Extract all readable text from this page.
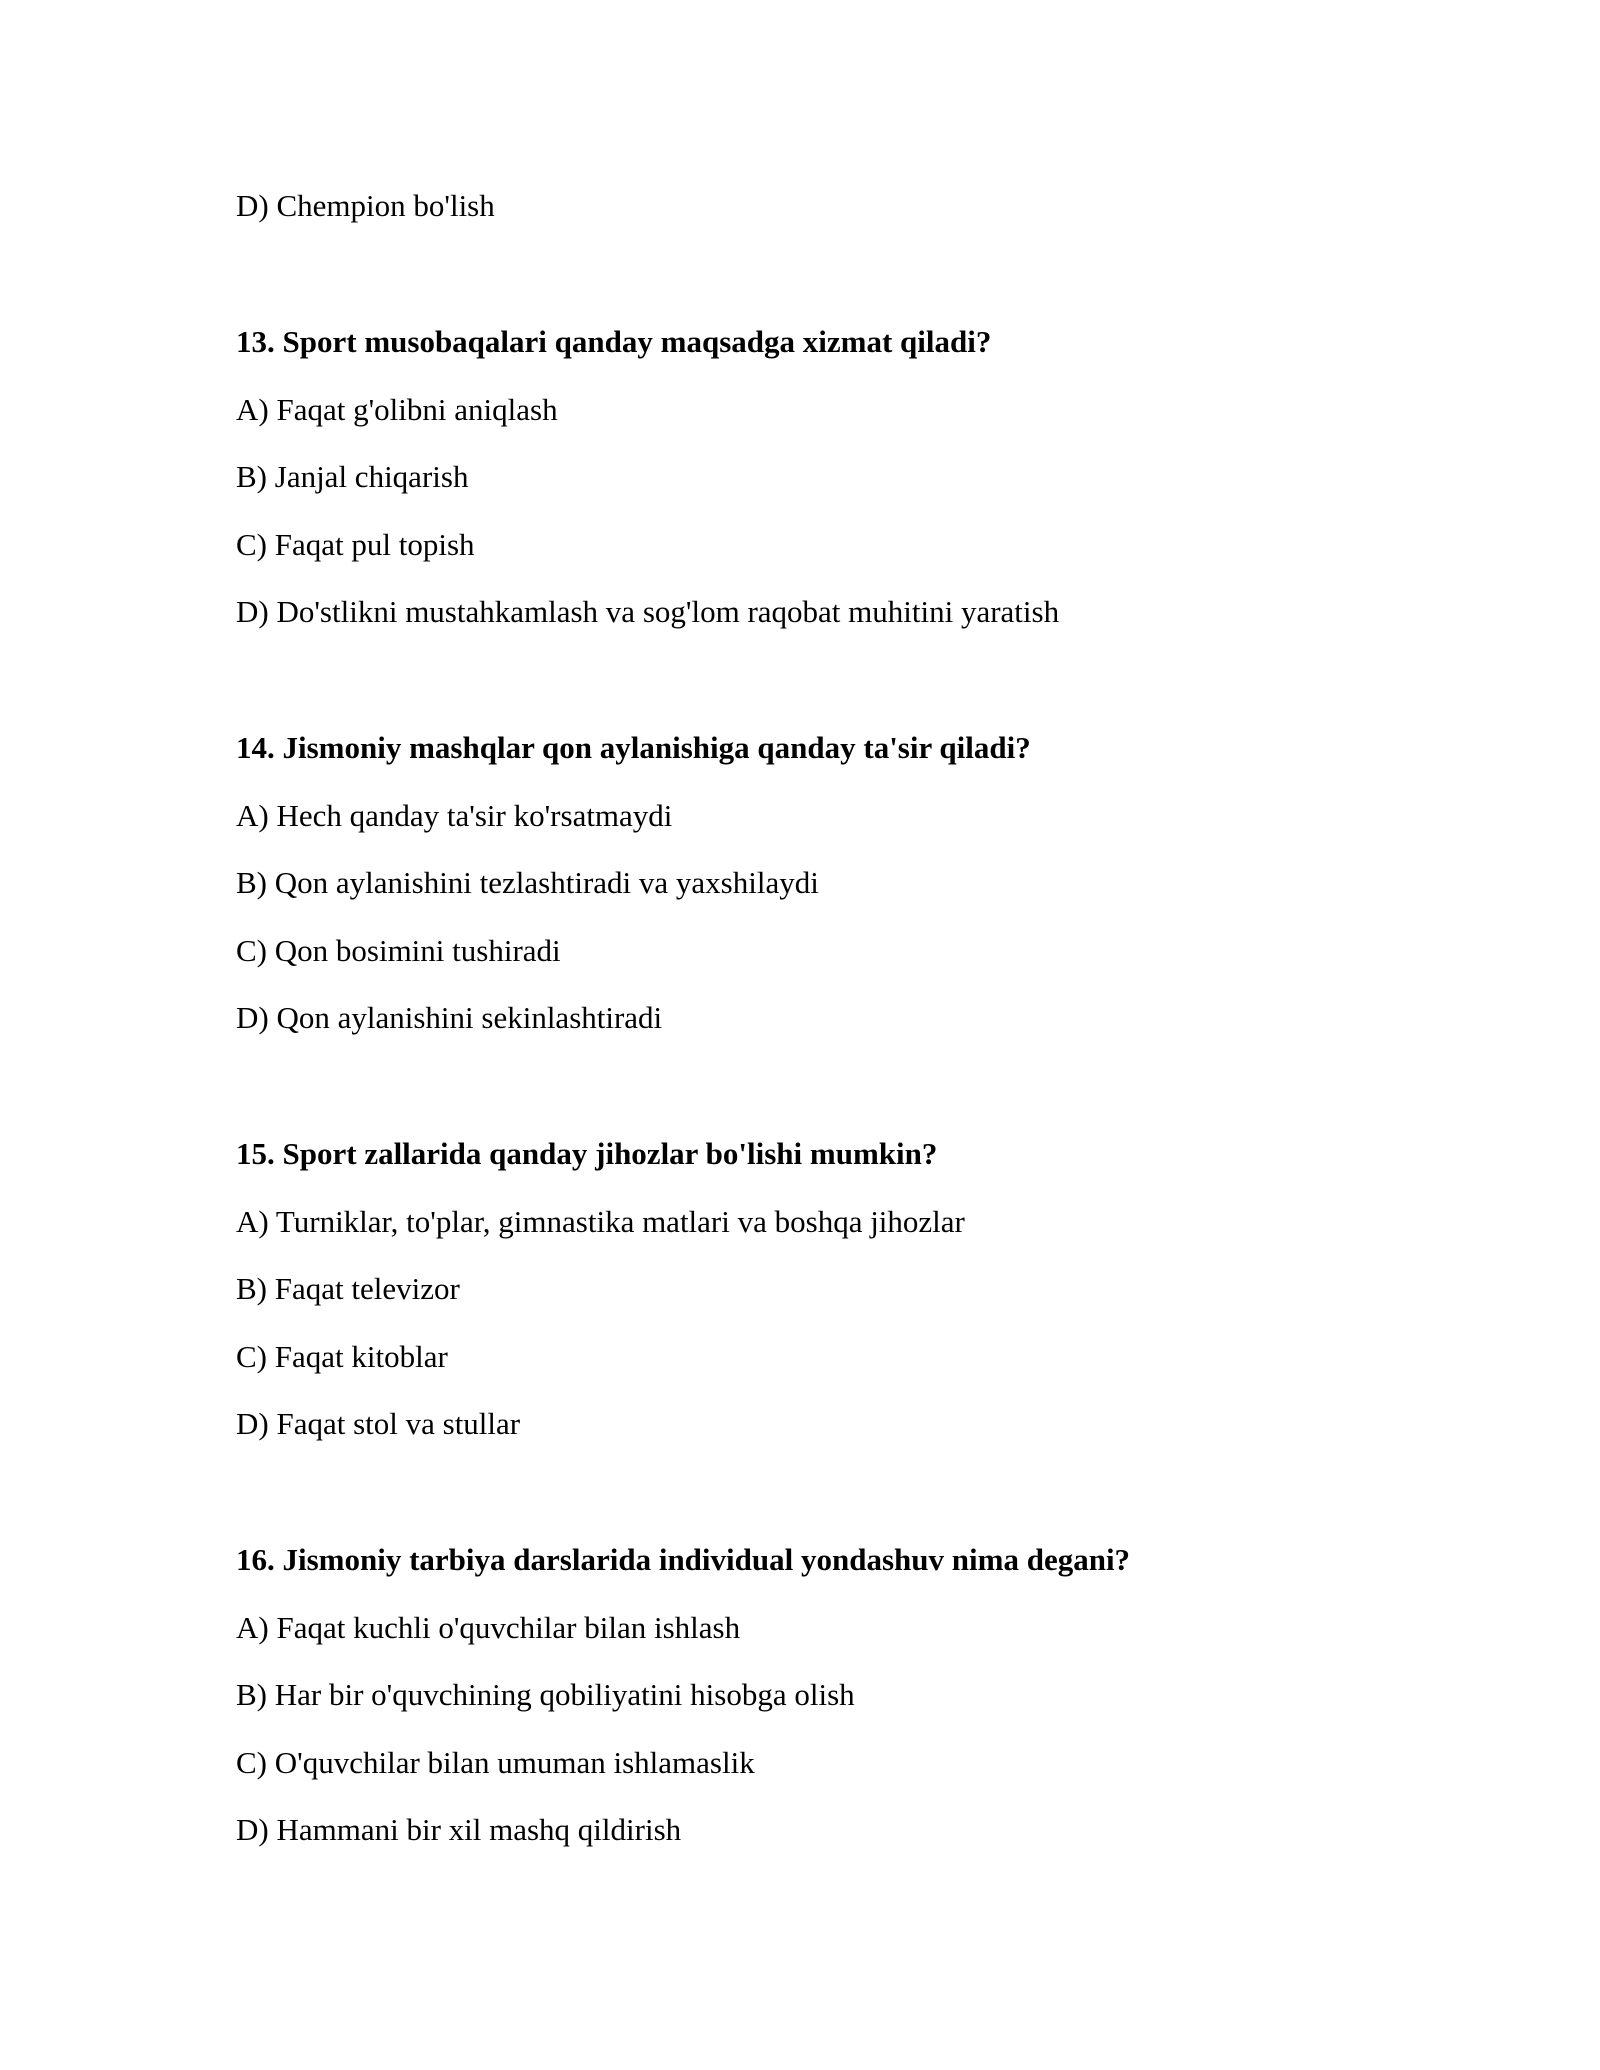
D) Chempion bo'lish
13. Sport musobaqalari qanday maqsadga xizmat qiladi?
A) Faqat g'olibni aniqlash
B) Janjal chiqarish
C) Faqat pul topish
D) Do'stlikni mustahkamlash va sog'lom raqobat muhitini yaratish
14. Jismoniy mashqlar qon aylanishiga qanday ta'sir qiladi?
A) Hech qanday ta'sir ko'rsatmaydi
B) Qon aylanishini tezlashtiradi va yaxshilaydi
C) Qon bosimini tushiradi
D) Qon aylanishini sekinlashtiradi
15. Sport zallarida qanday jihozlar bo'lishi mumkin?
A) Turniklar, to'plar, gimnastika matlari va boshqa jihozlar
B) Faqat televizor
C) Faqat kitoblar
D) Faqat stol va stullar
16. Jismoniy tarbiya darslarida individual yondashuv nima degani?
A) Faqat kuchli o'quvchilar bilan ishlash
B) Har bir o'quvchining qobiliyatini hisobga olish
C) O'quvchilar bilan umuman ishlamaslik
D) Hammani bir xil mashq qildirish
